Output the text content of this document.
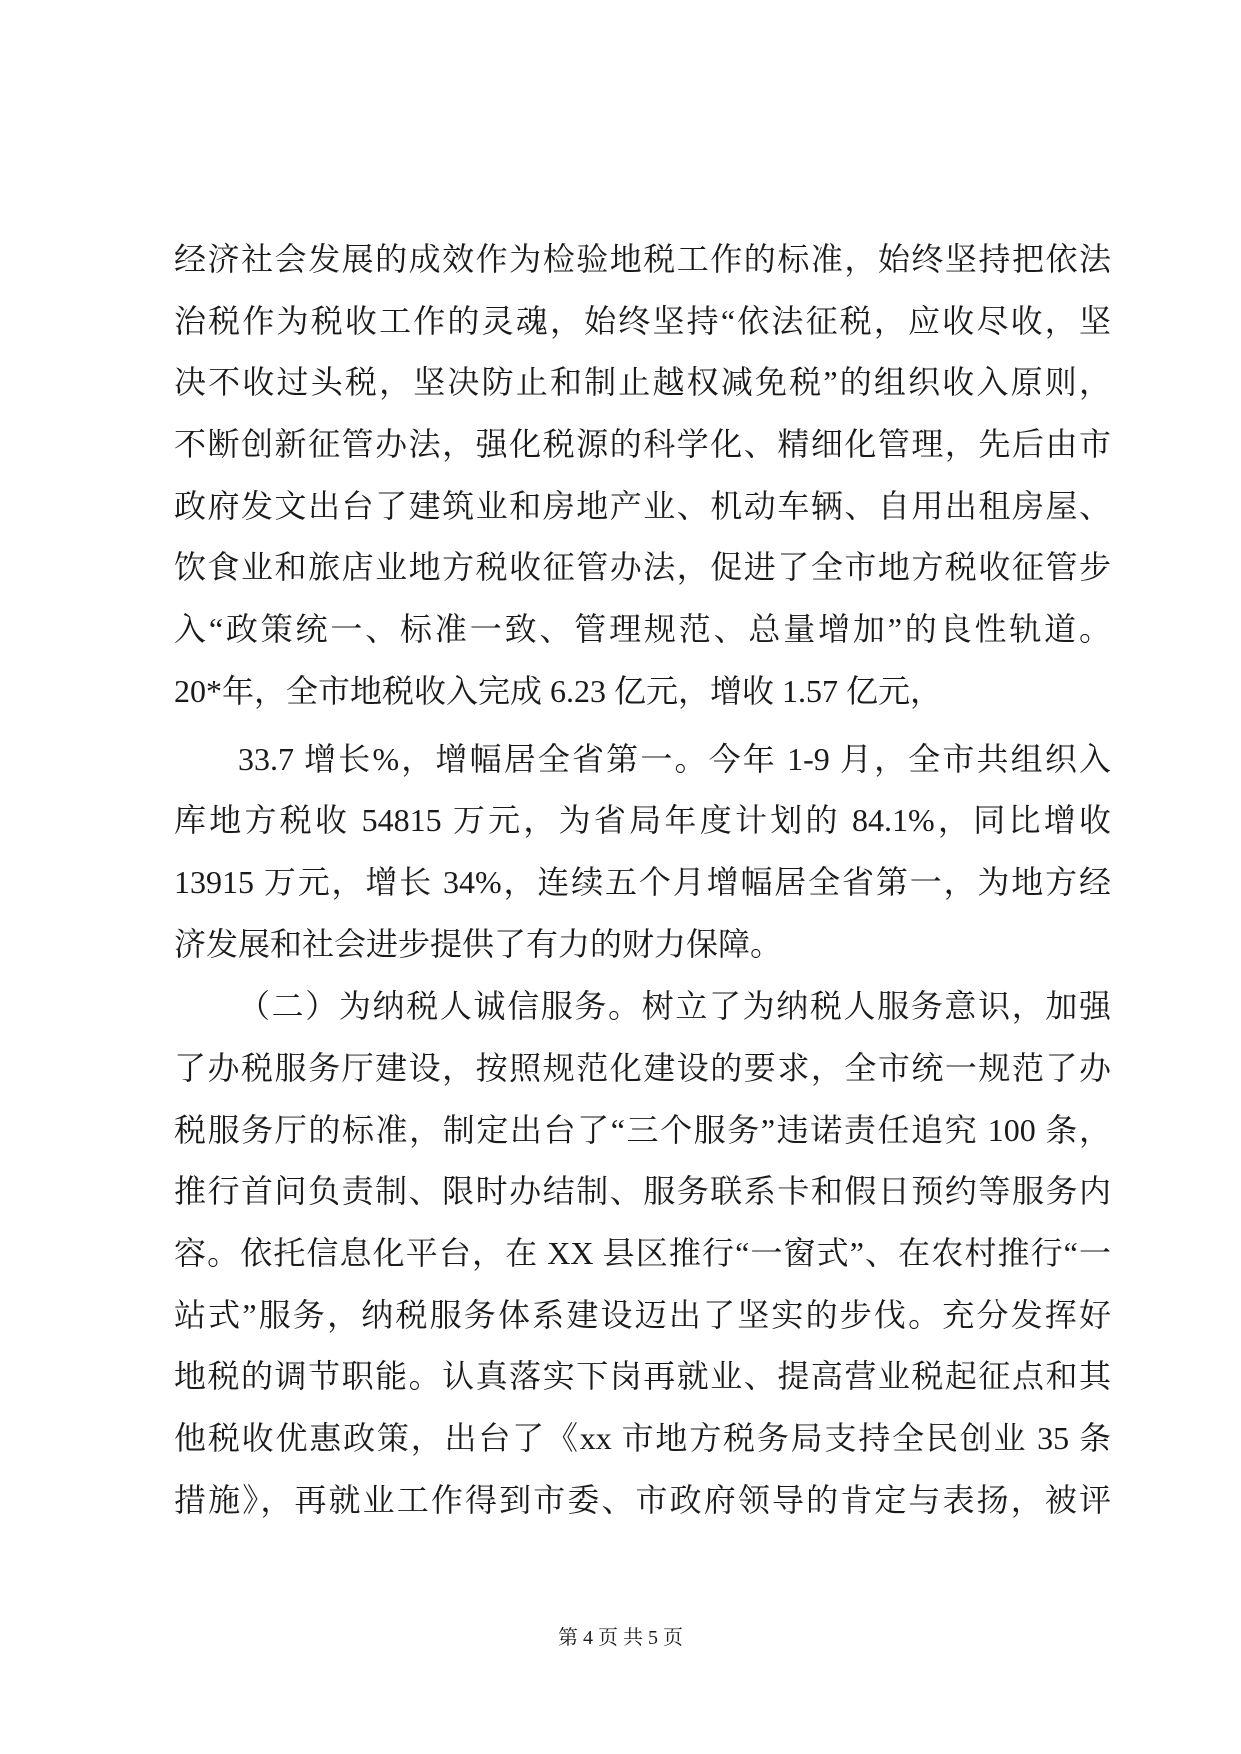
经济社会发展的成效作为检验地税工作的标准，始终坚持把依法
治税作为税收工作的灵魂，始终坚持“依法征税，应收尽收，坚
决不收过头税，坚决防止和制止越权减免税”的组织收入原则，
不断创新征管办法，强化税源的科学化、精细化管理，先后由市
政府发文出台了建筑业和房地产业、机动车辆、自用出租房屋、
饮食业和旅店业地方税收征管办法，促进了全市地方税收征管步
入“政策统一、标准一致、管理规范、总量增加”的良性轨道。
20*年，全市地税收入完成 6.23 亿元，增收 1.57 亿元，
33.7 增长%，增幅居全省第一。今年 1-9 月，全市共组织入
库地方税收 54815 万元，为省局年度计划的 84.1%，同比增收
13915 万元，增长 34%，连续五个月增幅居全省第一，为地方经
济发展和社会进步提供了有力的财力保障。
（二）为纳税人诚信服务。树立了为纳税人服务意识，加强
了办税服务厅建设，按照规范化建设的要求，全市统一规范了办
税服务厅的标准，制定出台了“三个服务”违诺责任追究 100 条，
推行首问负责制、限时办结制、服务联系卡和假日预约等服务内
容。依托信息化平台，在 XX 县区推行“一窗式”、在农村推行“一
站式”服务，纳税服务体系建设迈出了坚实的步伐。充分发挥好
地税的调节职能。认真落实下岗再就业、提高营业税起征点和其
他税收优惠政策，出台了《xx 市地方税务局支持全民创业 35 条
措施》，再就业工作得到市委、市政府领导的肯定与表扬，被评
第 4 页 共 5 页
